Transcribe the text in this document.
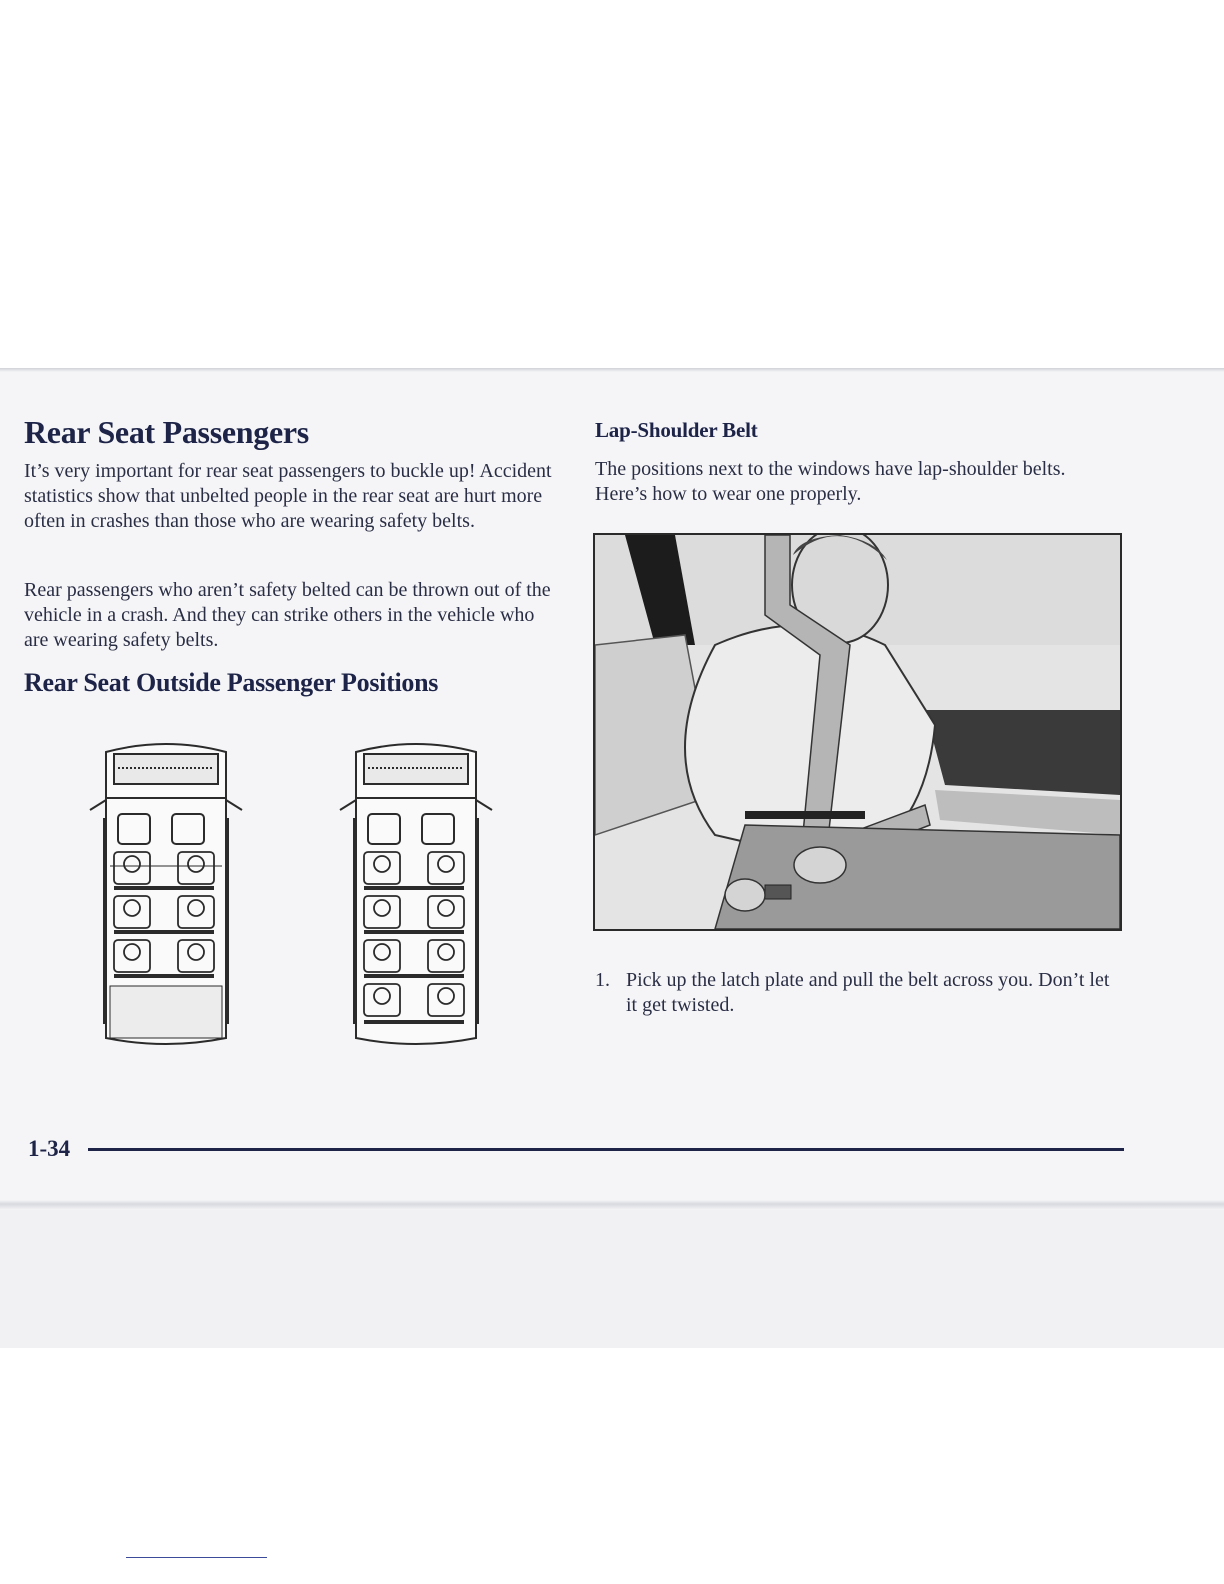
Rear Seat Passengers

It’s very important for rear seat passengers to buckle up! Accident statistics show that unbelted people in the rear seat are hurt more often in crashes than those who are wearing safety belts.

Rear passengers who aren’t safety belted can be thrown out of the vehicle in a crash. And they can strike others in the vehicle who are wearing safety belts.

Rear Seat Outside Passenger Positions
Lap-Shoulder Belt

The positions next to the windows have lap-shoulder belts. Here’s how to wear one properly.

1. Pick up the latch plate and pull the belt across you. Don’t let it get twisted.
1-34
